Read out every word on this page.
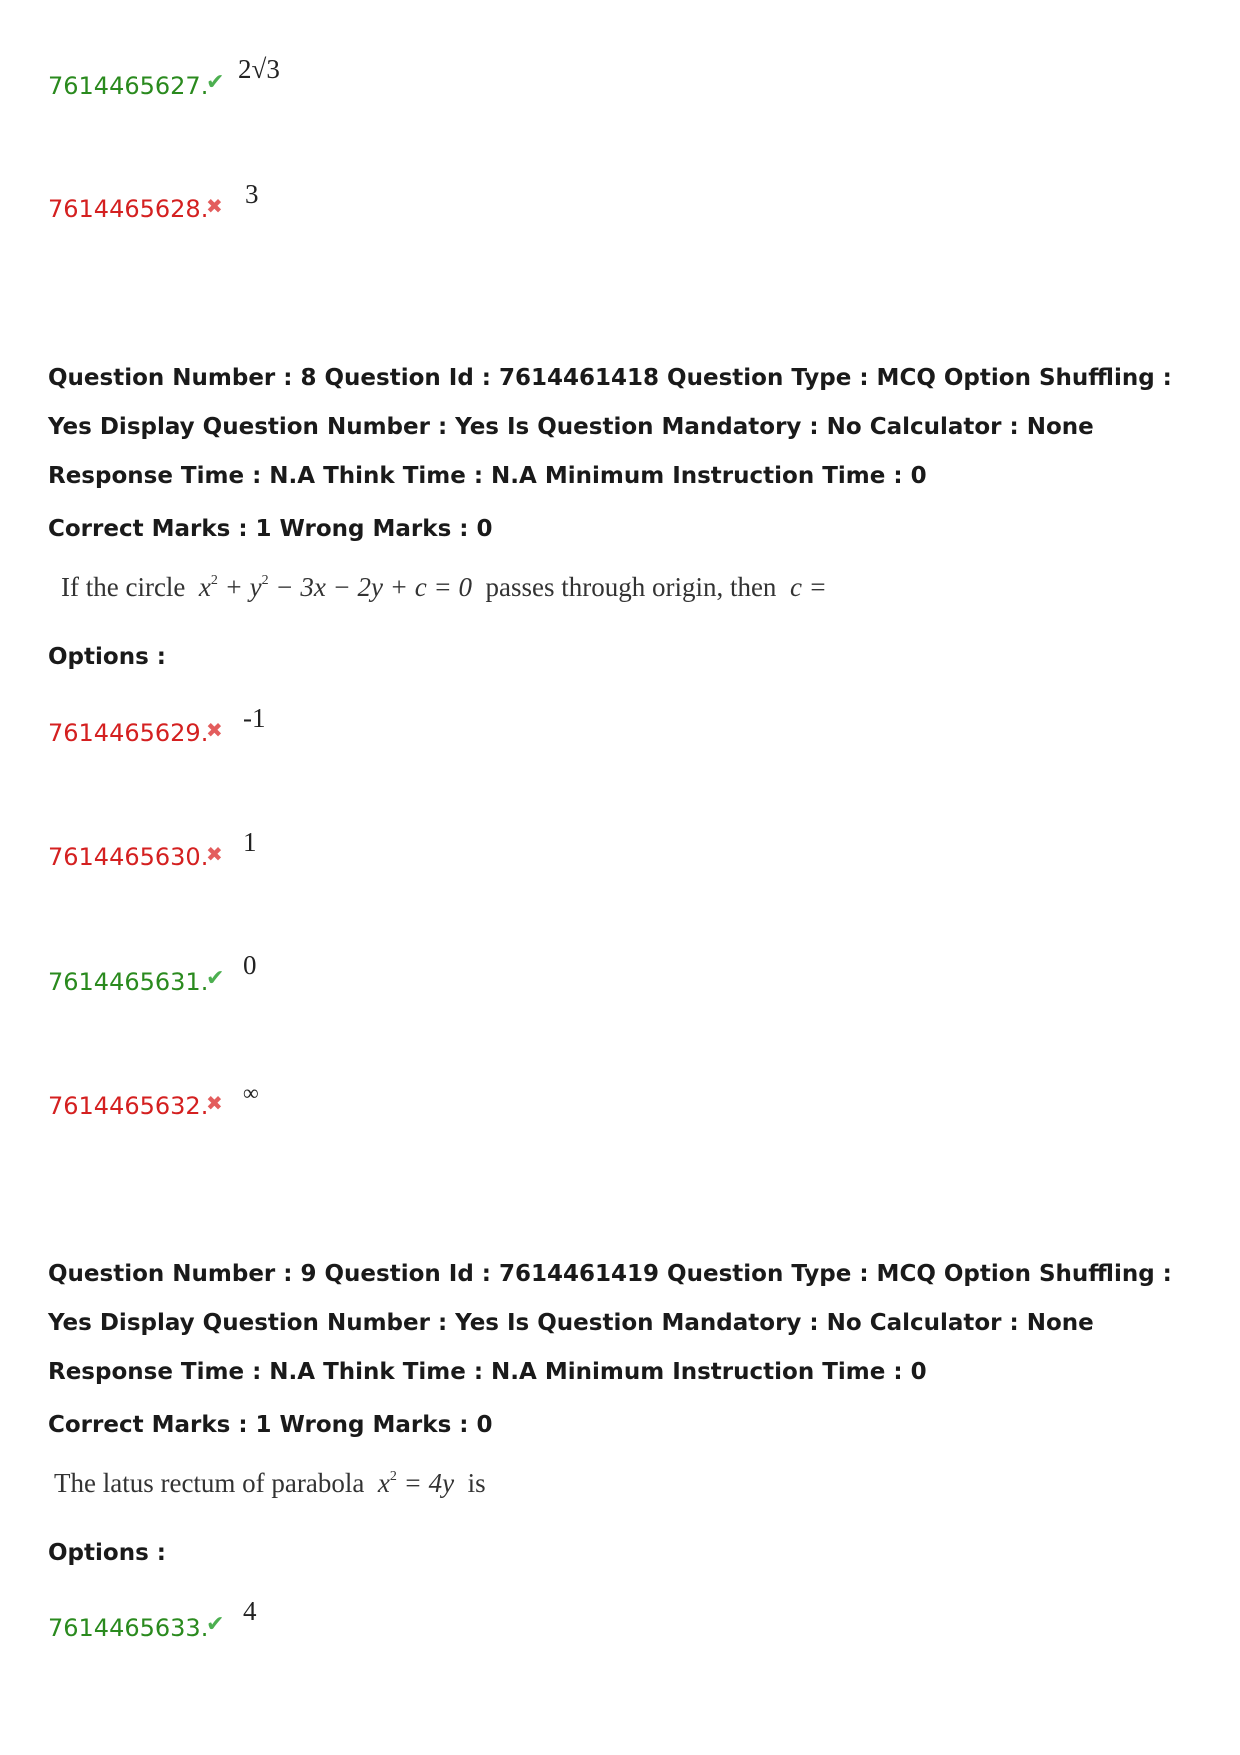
7614465627.
✔ 2√3
7614465628.
✖ 3
Question Number : 8 Question Id : 7614461418 Question Type : MCQ Option Shuffling : Yes Display Question Number : Yes Is Question Mandatory : No Calculator : None Response Time : N.A Think Time : N.A Minimum Instruction Time : 0
Correct Marks : 1 Wrong Marks : 0
If the circle  $x^2 + y^2 - 3x - 2y + c = 0$  passes through origin, then  c =
Options :
7614465629.
✖ -1
7614465630.
✖ 1
7614465631.
✔ 0
7614465632.
✖ ∞
Question Number : 9 Question Id : 7614461419 Question Type : MCQ Option Shuffling : Yes Display Question Number : Yes Is Question Mandatory : No Calculator : None Response Time : N.A Think Time : N.A Minimum Instruction Time : 0
Correct Marks : 1 Wrong Marks : 0
The latus rectum of parabola  $x^2 = 4y$  is
Options :
7614465633.
✔ 4
